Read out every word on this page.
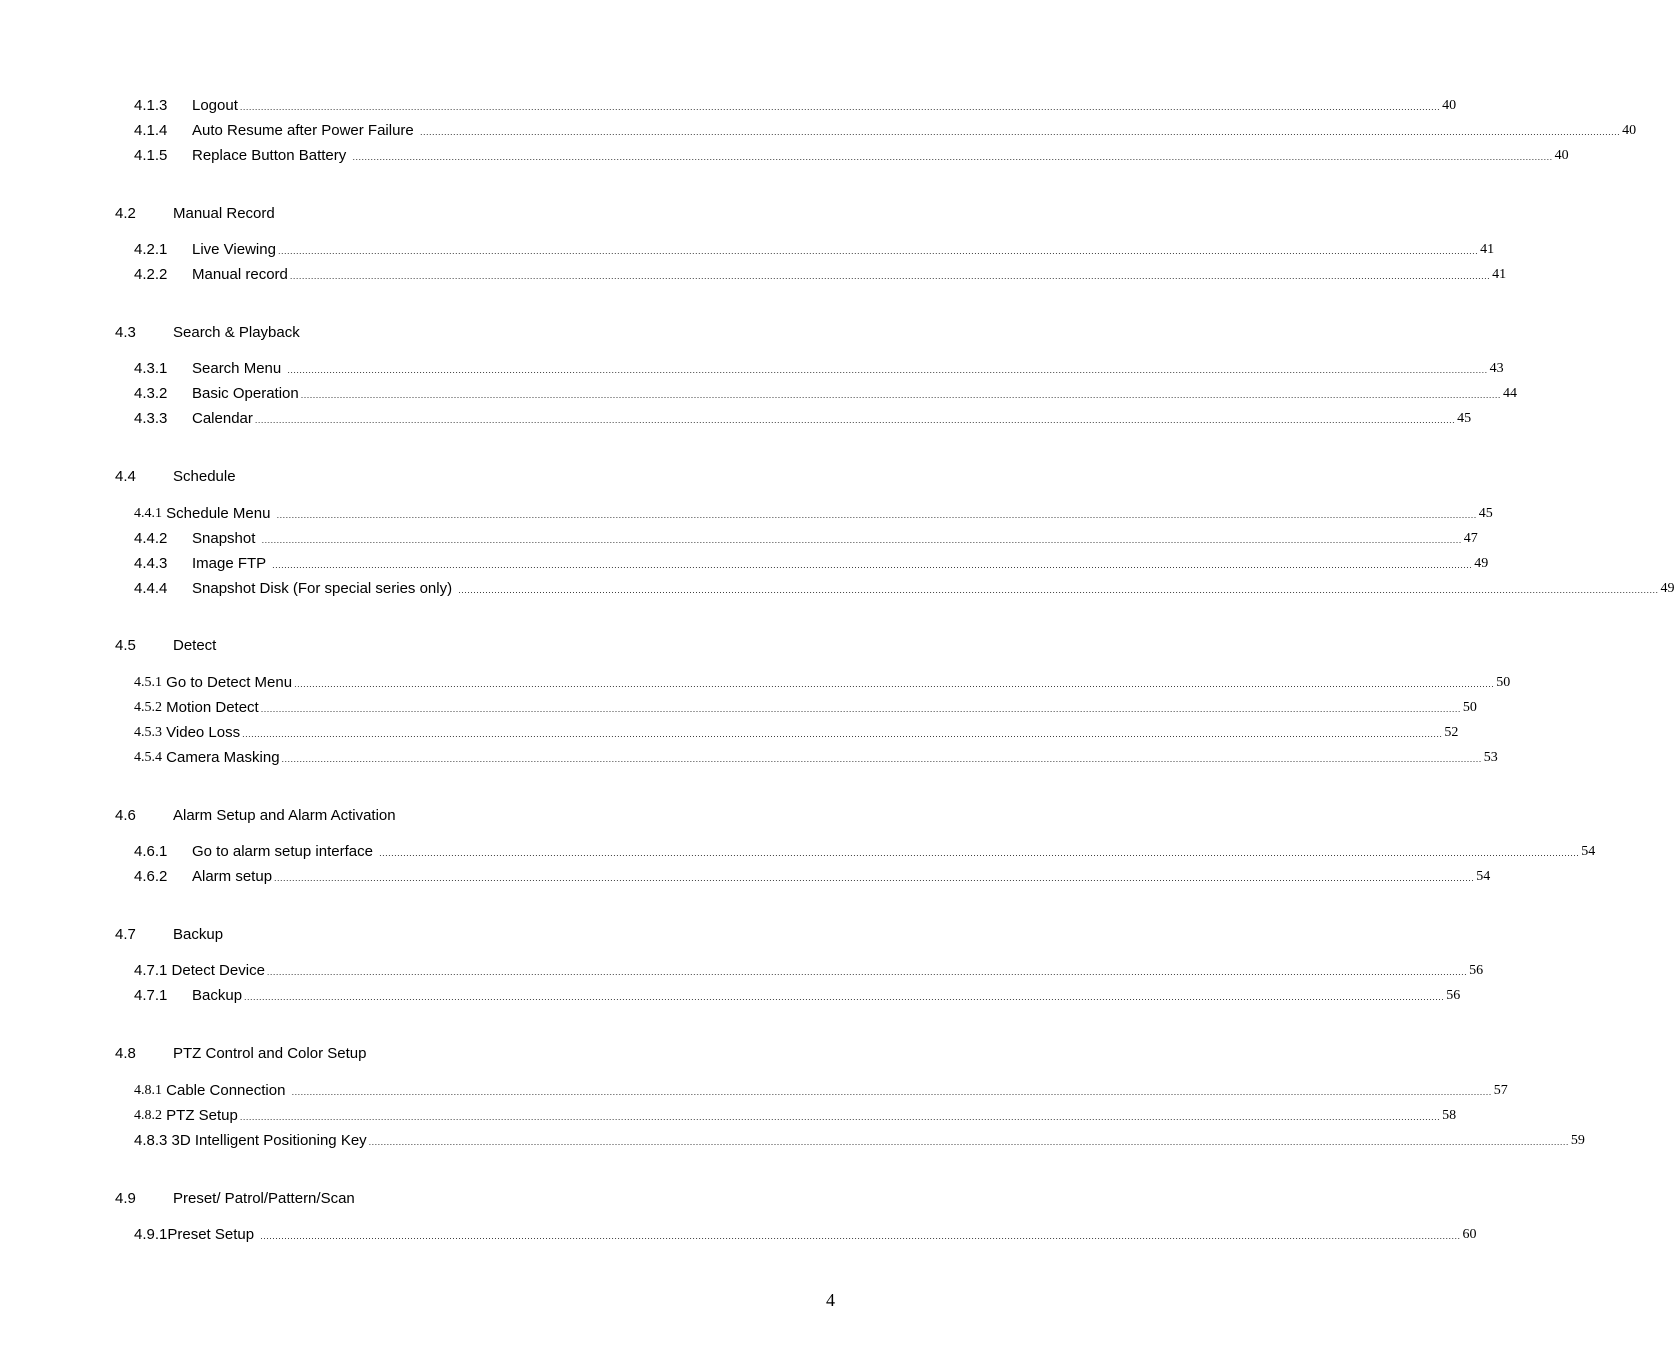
4.1.3	Logout ................................................................................................................................................................................................................................................................................................................................................................................................................ 40
4.1.4	Auto Resume after Power Failure ................................................................................................................................................................................................................................................................................................................................................................................................................ 40
4.1.5	Replace Button Battery ................................................................................................................................................................................................................................................................................................................................................................................................................ 40
4.2	Manual Record
4.2.1	Live Viewing ................................................................................................................................................................................................................................................................................................................................................................................................................ 41
4.2.2	Manual record ................................................................................................................................................................................................................................................................................................................................................................................................................ 41
4.3	Search & Playback
4.3.1	Search Menu ................................................................................................................................................................................................................................................................................................................................................................................................................ 43
4.3.2	Basic Operation ................................................................................................................................................................................................................................................................................................................................................................................................................ 44
4.3.3	Calendar ................................................................................................................................................................................................................................................................................................................................................................................................................ 45
4.4	Schedule
4.4.1 Schedule Menu ................................................................................................................................................................................................................................................................................................................................................................................................................ 45
4.4.2	Snapshot ................................................................................................................................................................................................................................................................................................................................................................................................................ 47
4.4.3	Image FTP ................................................................................................................................................................................................................................................................................................................................................................................................................ 49
4.4.4	Snapshot Disk (For special series only) ................................................................................................................................................................................................................................................................................................................................................................................................................ 49
4.5	Detect
4.5.1 Go to Detect Menu ................................................................................................................................................................................................................................................................................................................................................................................................................ 50
4.5.2 Motion Detect ................................................................................................................................................................................................................................................................................................................................................................................................................ 50
4.5.3 Video Loss ................................................................................................................................................................................................................................................................................................................................................................................................................ 52
4.5.4 Camera Masking ................................................................................................................................................................................................................................................................................................................................................................................................................ 53
4.6	Alarm Setup and Alarm Activation
4.6.1	Go to alarm setup interface ................................................................................................................................................................................................................................................................................................................................................................................................................ 54
4.6.2	Alarm setup ................................................................................................................................................................................................................................................................................................................................................................................................................ 54
4.7	Backup
4.7.1 Detect Device ................................................................................................................................................................................................................................................................................................................................................................................................................ 56
4.7.1	Backup ................................................................................................................................................................................................................................................................................................................................................................................................................ 56
4.8	PTZ Control and Color Setup
4.8.1 Cable Connection ................................................................................................................................................................................................................................................................................................................................................................................................................ 57
4.8.2 PTZ Setup ................................................................................................................................................................................................................................................................................................................................................................................................................ 58
4.8.3 3D Intelligent Positioning Key ................................................................................................................................................................................................................................................................................................................................................................................................................ 59
4.9	Preset/ Patrol/Pattern/Scan
4.9.1 Preset Setup ................................................................................................................................................................................................................................................................................................................................................................................................................ 60
4
